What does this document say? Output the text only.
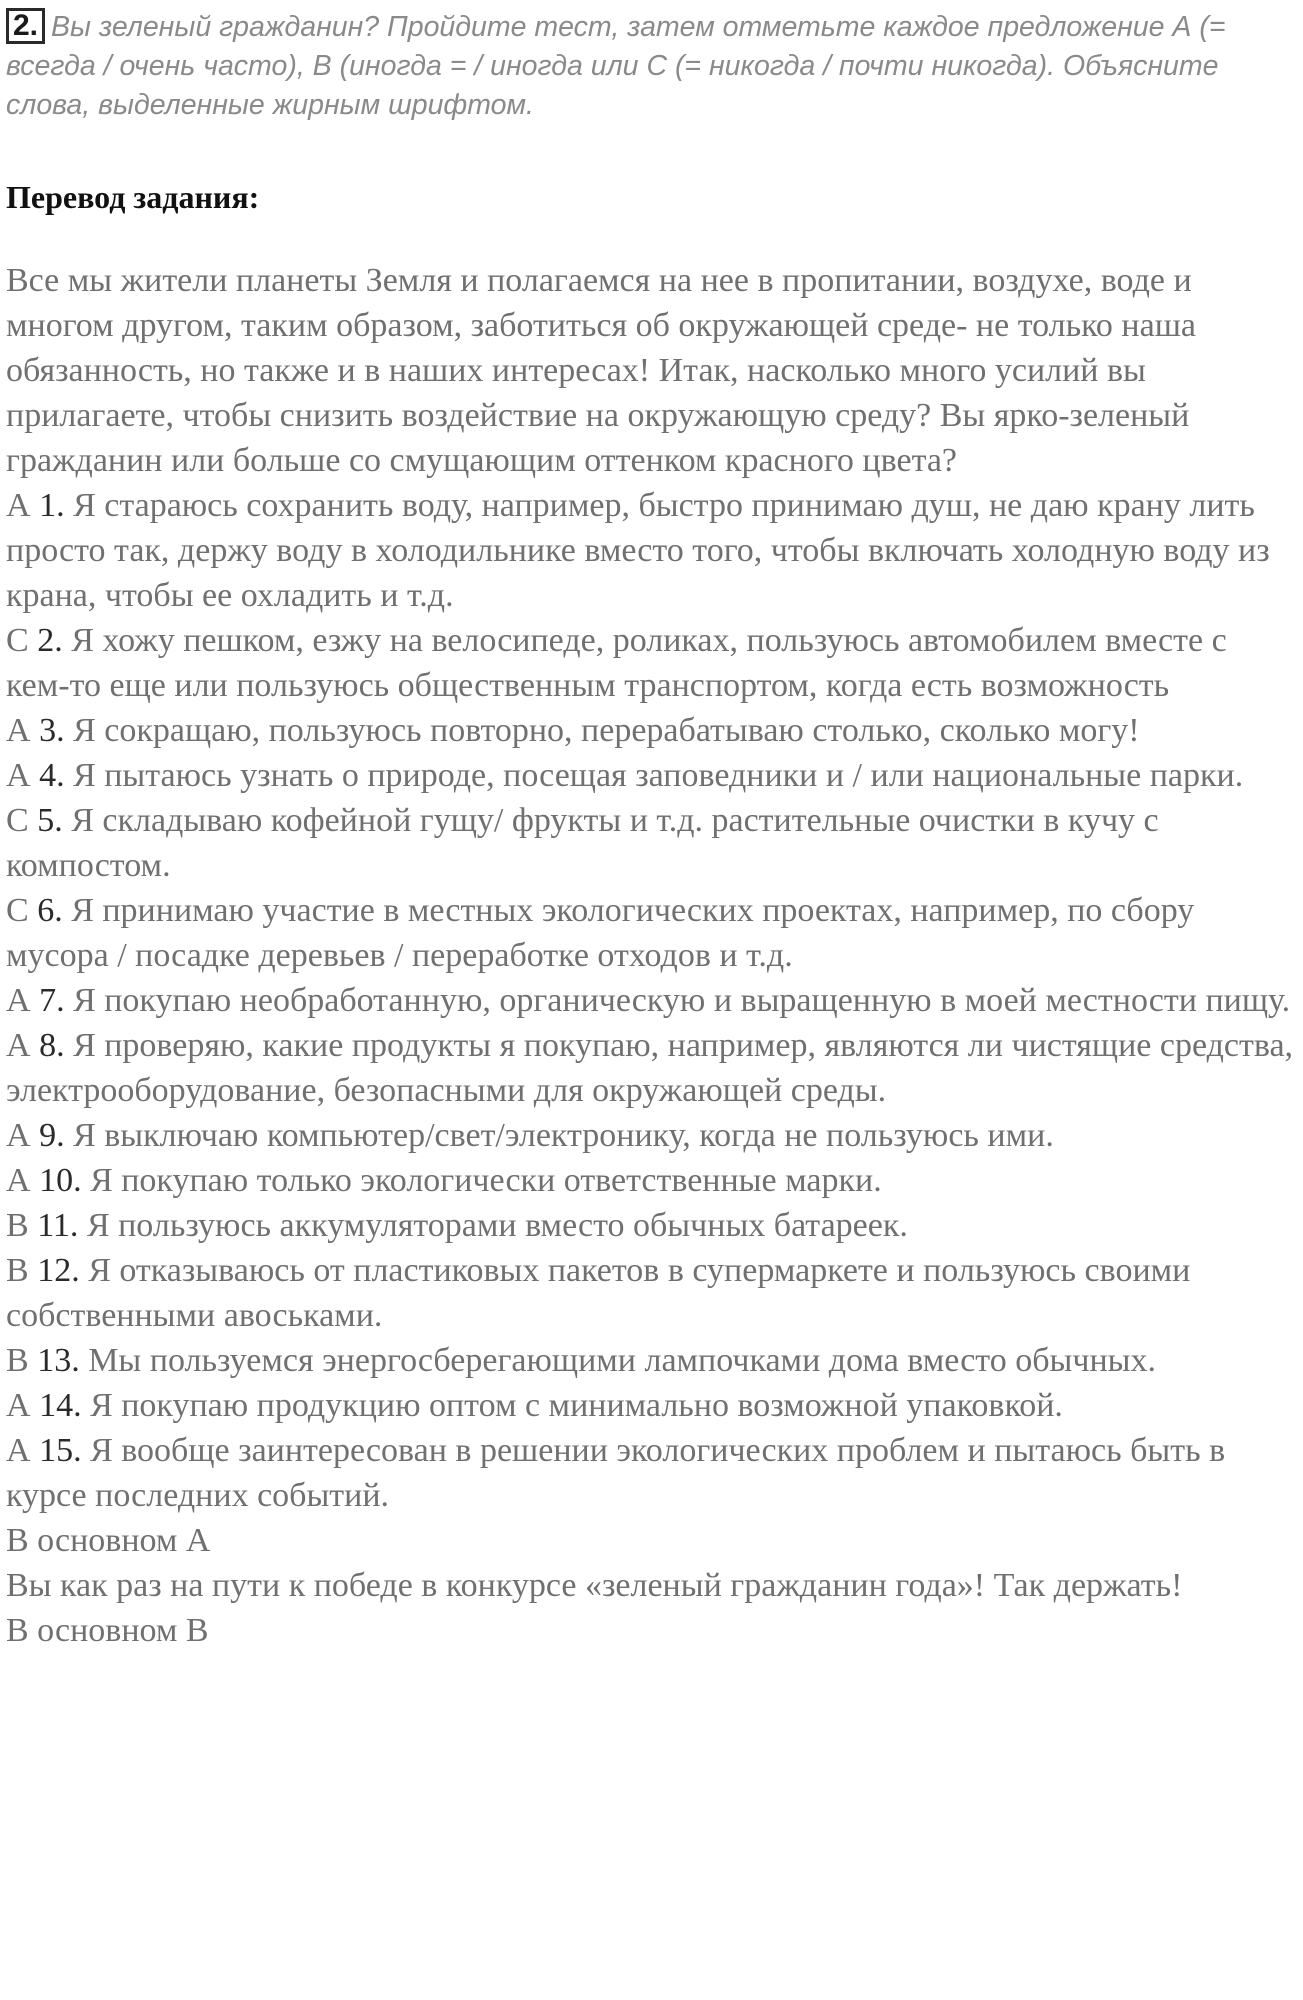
2. Вы зеленый гражданин? Пройдите тест, затем отметьте каждое предложение А (= всегда / очень часто), В (иногда = / иногда или С (= никогда / почти никогда). Объясните слова, выделенные жирным шрифтом.

Перевод задания:

Все мы жители планеты Земля и полагаемся на нее в пропитании, воздухе, воде и многом другом, таким образом, заботиться об окружающей среде- не только наша обязанность, но также и в наших интересах! Итак, насколько много усилий вы прилагаете, чтобы снизить воздействие на окружающую среду? Вы ярко-зеленый гражданин или больше со смущающим оттенком красного цвета?

А 1. Я стараюсь сохранить воду, например, быстро принимаю душ, не даю крану лить просто так, держу воду в холодильнике вместо того, чтобы включать холодную воду из крана, чтобы ее охладить и т.д.

С 2. Я хожу пешком, езжу на велосипеде, роликах, пользуюсь автомобилем вместе с кем-то еще или пользуюсь общественным транспортом, когда есть возможность

А 3. Я сокращаю, пользуюсь повторно, перерабатываю столько, сколько могу!

А 4. Я пытаюсь узнать о природе, посещая заповедники и / или национальные парки.

С 5. Я складываю кофейной гущу/ фрукты и т.д. растительные очистки в кучу с компостом.

С 6. Я принимаю участие в местных экологических проектах, например, по сбору мусора / посадке деревьев / переработке отходов и т.д.

А 7. Я покупаю необработанную, органическую и выращенную в моей местности пищу.

А 8. Я проверяю, какие продукты я покупаю, например, являются ли чистящие средства, электрооборудование, безопасными для окружающей среды.

А 9. Я выключаю компьютер/свет/электронику, когда не пользуюсь ими.

А 10. Я покупаю только экологически ответственные марки.

В 11. Я пользуюсь аккумуляторами вместо обычных батареек.

В 12. Я отказываюсь от пластиковых пакетов в супермаркете и пользуюсь своими собственными авоськами.

В 13. Мы пользуемся энергосберегающими лампочками дома вместо обычных.

А 14. Я покупаю продукцию оптом с минимально возможной упаковкой.

А 15. Я вообще заинтересован в решении экологических проблем и пытаюсь быть в курсе последних событий.

В основном А

Вы как раз на пути к победе в конкурсе «зеленый гражданин года»! Так держать!

В основном В
